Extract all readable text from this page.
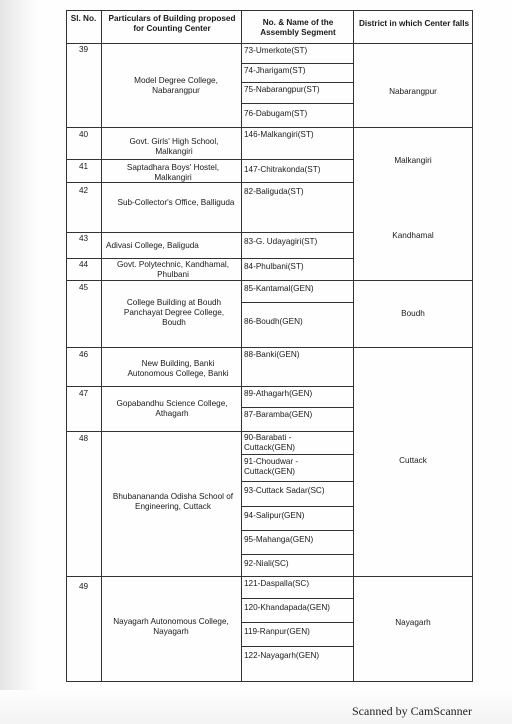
Sl. No.	Particulars of Building proposed for Counting Center
No. & Name of the Assembly Segment
District in which Center falls
39
40
41
42
43
44
45
46
47
48
49
Model Degree College, Nabarangpur
Govt. Girls' High School, Malkangiri
Saptadhara Boys' Hostel, Malkangiri
Sub-Collector's Office, Balliguda
Adivasi College, Baliguda
Govt. Polytechnic, Kandhamal, Phulbani
College Building at Boudh Panchayat Degree College, Boudh
New Building, Banki Autonomous College, Banki
Gopabandhu Science College, Athagarh
Bhubanananda Odisha School of Engineering, Cuttack
Nayagarh Autonomous College, Nayagarh
73-Umerkote(ST)
74-Jharigam(ST)
75-Nabarangpur(ST)
76-Dabugam(ST)
146-Malkangiri(ST)
147-Chitrakonda(ST)
82-Baliguda(ST)
83-G. Udayagiri(ST)
84-Phulbani(ST)
85-Kantamal(GEN)
86-Boudh(GEN)
88-Banki(GEN)
89-Athagarh(GEN)
87-Baramba(GEN)
90-Barabati - Cuttack(GEN)
91-Choudwar - Cuttack(GEN)
93-Cuttack Sadar(SC)
94-Salipur(GEN)
95-Mahanga(GEN)
92-Niali(SC)
121-Daspalla(SC)
120-Khandapada(GEN)
119-Ranpur(GEN)
122-Nayagarh(GEN)
Nabarangpur
Malkangiri
Kandhamal
Boudh
Cuttack
Nayagarh
Scanned by CamScanner
